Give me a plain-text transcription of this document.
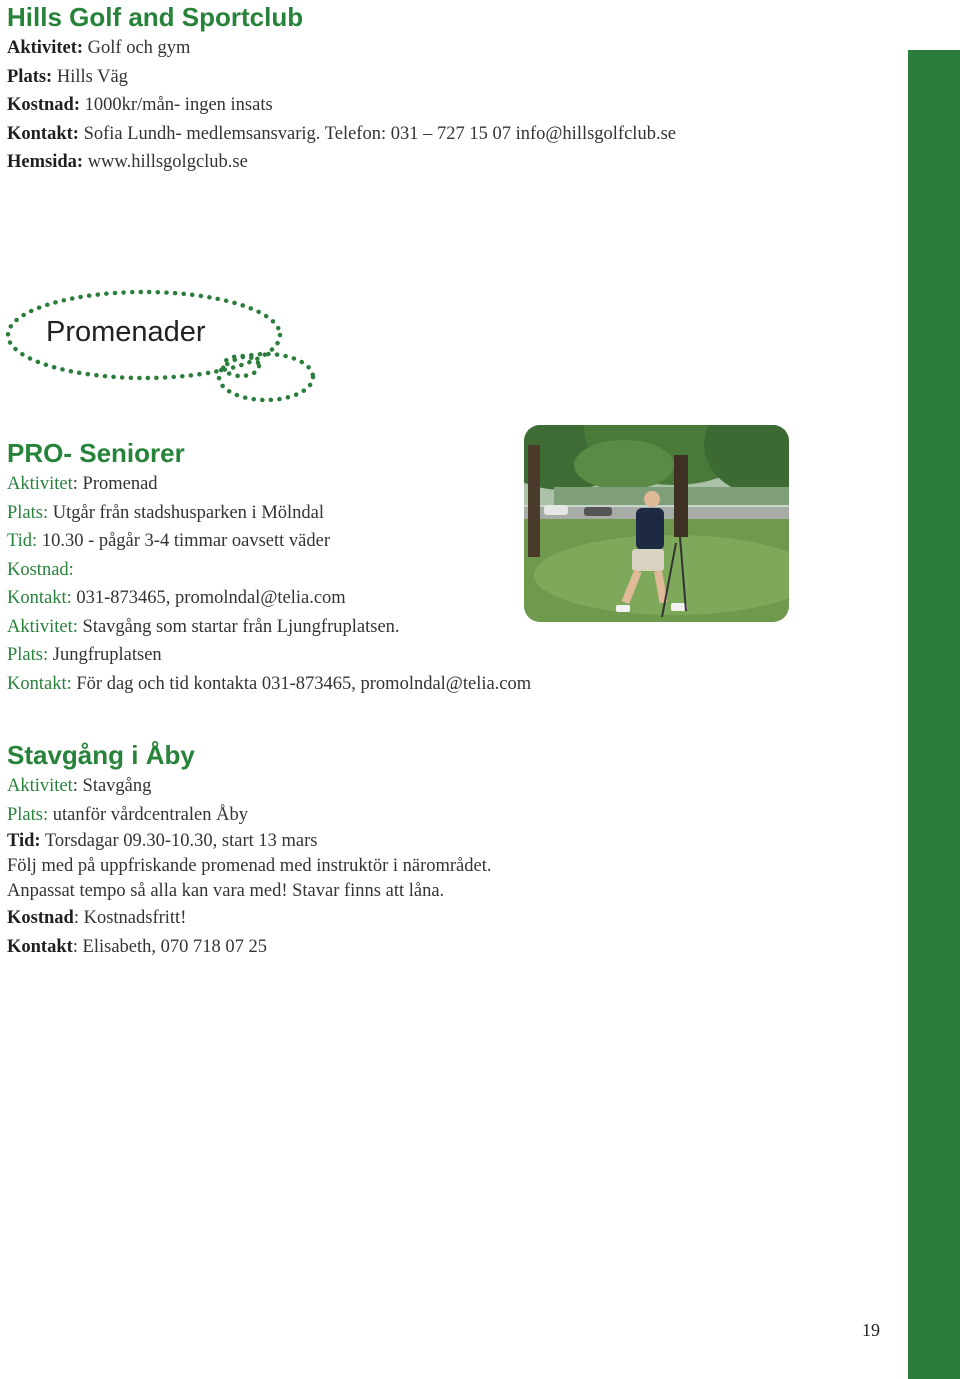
Hills Golf and Sportclub
Aktivitet: Golf och gym
Plats: Hills Väg
Kostnad: 1000kr/mån- ingen insats
Kontakt: Sofia Lundh- medlemsansvarig. Telefon: 031 – 727 15 07 info@hillsgolfclub.se
Hemsida: www.hillsgolgclub.se
Promenader
PRO- Seniorer
Aktivitet: Promenad
Plats: Utgår från stadshusparken i Mölndal
Tid: 10.30 - pågår 3-4 timmar oavsett väder
Kostnad:
Kontakt: 031-873465, promolndal@telia.com
Aktivitet: Stavgång som startar från Ljungfruplatsen.
Plats: Jungfruplatsen
Kontakt: För dag och tid kontakta 031-873465, promolndal@telia.com
Stavgång i Åby
Aktivitet: Stavgång
Plats: utanför vårdcentralen Åby
Tid: Torsdagar 09.30-10.30, start 13 mars
Följ med på uppfriskande promenad med instruktör i närområdet.
Anpassat tempo så alla kan vara med! Stavar finns att låna.
Kostnad: Kostnadsfritt!
Kontakt: Elisabeth, 070 718 07 25
19
